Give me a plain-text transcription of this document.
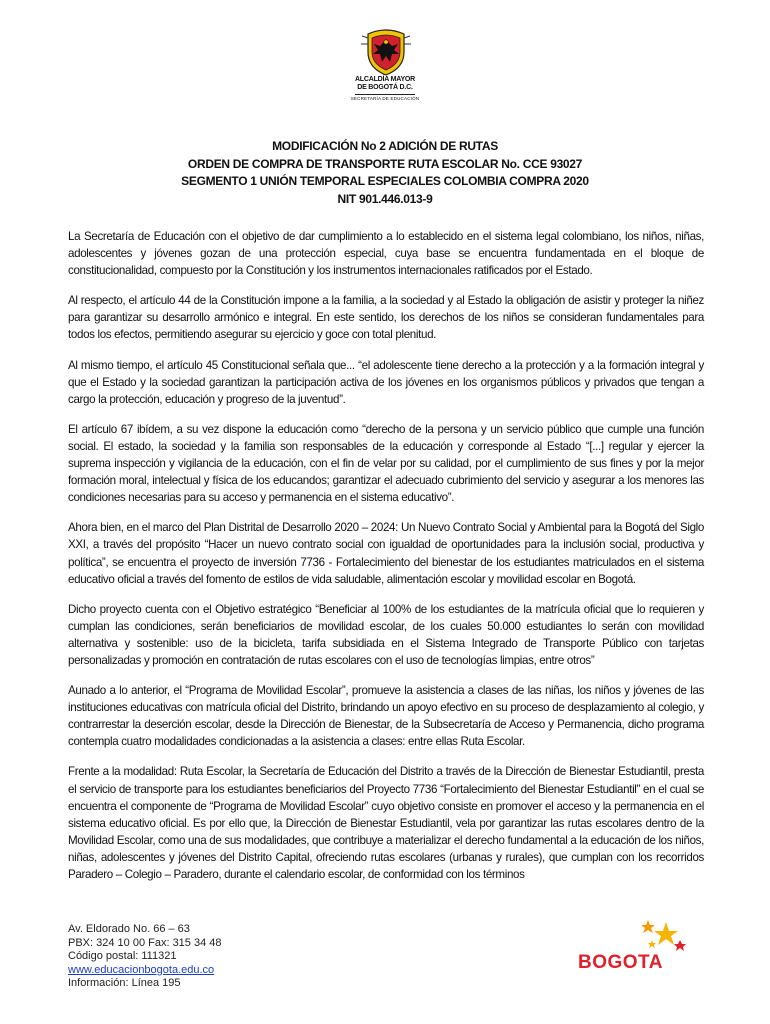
ALCALDÍA MAYOR
DE BOGOTÁ D.C.
SECRETARÍA DE EDUCACIÓN
MODIFICACIÓN No 2 ADICIÓN DE RUTAS
ORDEN DE COMPRA DE TRANSPORTE RUTA ESCOLAR No. CCE 93027
SEGMENTO 1 UNIÓN TEMPORAL ESPECIALES COLOMBIA COMPRA 2020
NIT 901.446.013-9

La Secretaría de Educación con el objetivo de dar cumplimiento a lo establecido en el sistema legal colombiano, los niños, niñas, adolescentes y jóvenes gozan de una protección especial, cuya base se encuentra fundamentada en el bloque de constitucionalidad, compuesto por la Constitución y los instrumentos internacionales ratificados por el Estado.

Al respecto, el artículo 44 de la Constitución impone a la familia, a la sociedad y al Estado la obligación de asistir y proteger la niñez para garantizar su desarrollo armónico e integral. En este sentido, los derechos de los niños se consideran fundamentales para todos los efectos, permitiendo asegurar su ejercicio y goce con total plenitud.

Al mismo tiempo, el artículo 45 Constitucional señala que... “el adolescente tiene derecho a la protección y a la formación integral y que el Estado y la sociedad garantizan la participación activa de los jóvenes en los organismos públicos y privados que tengan a cargo la protección, educación y progreso de la juventud”.

El artículo 67 ibídem, a su vez dispone la educación como “derecho de la persona y un servicio público que cumple una función social. El estado, la sociedad y la familia son responsables de la educación y corresponde al Estado “[...] regular y ejercer la suprema inspección y vigilancia de la educación, con el fin de velar por su calidad, por el cumplimiento de sus fines y por la mejor formación moral, intelectual y física de los educandos; garantizar el adecuado cubrimiento del servicio y asegurar a los menores las condiciones necesarias para su acceso y permanencia en el sistema educativo”.

Ahora bien, en el marco del Plan Distrital de Desarrollo 2020 – 2024: Un Nuevo Contrato Social y Ambiental para la Bogotá del Siglo XXI, a través del propósito “Hacer un nuevo contrato social con igualdad de oportunidades para la inclusión social, productiva y política”, se encuentra el proyecto de inversión 7736 - Fortalecimiento del bienestar de los estudiantes matriculados en el sistema educativo oficial a través del fomento de estilos de vida saludable, alimentación escolar y movilidad escolar en Bogotá.

Dicho proyecto cuenta con el Objetivo estratégico “Beneficiar al 100% de los estudiantes de la matrícula oficial que lo requieren y cumplan las condiciones, serán beneficiarios de movilidad escolar, de los cuales 50.000 estudiantes lo serán con movilidad alternativa y sostenible: uso de la bicicleta, tarifa subsidiada en el Sistema Integrado de Transporte Público con tarjetas personalizadas y promoción en contratación de rutas escolares con el uso de tecnologías limpias, entre otros”

Aunado a lo anterior, el “Programa de Movilidad Escolar”, promueve la asistencia a clases de las niñas, los niños y jóvenes de las instituciones educativas con matrícula oficial del Distrito, brindando un apoyo efectivo en su proceso de desplazamiento al colegio, y contrarrestar la deserción escolar, desde la Dirección de Bienestar, de la Subsecretaría de Acceso y Permanencia, dicho programa contempla cuatro modalidades condicionadas a la asistencia a clases: entre ellas Ruta Escolar.

Frente a la modalidad: Ruta Escolar, la Secretaría de Educación del Distrito a través de la Dirección de Bienestar Estudiantil, presta el servicio de transporte para los estudiantes beneficiarios del Proyecto 7736 “Fortalecimiento del Bienestar Estudiantil” en el cual se encuentra el componente de “Programa de Movilidad Escolar” cuyo objetivo consiste en promover el acceso y la permanencia en el sistema educativo oficial. Es por ello que, la Dirección de Bienestar Estudiantil, vela por garantizar las rutas escolares dentro de la Movilidad Escolar, como una de sus modalidades, que contribuye a materializar el derecho fundamental a la educación de los niños, niñas, adolescentes y jóvenes del Distrito Capital, ofreciendo rutas escolares (urbanas y rurales), que cumplan con los recorridos Paradero – Colegio – Paradero, durante el calendario escolar, de conformidad con los términos

Av. Eldorado No. 66 – 63
PBX: 324 10 00 Fax: 315 34 48
Código postal: 111321
www.educacionbogota.edu.co
Información: Línea 195
BOGOTA
